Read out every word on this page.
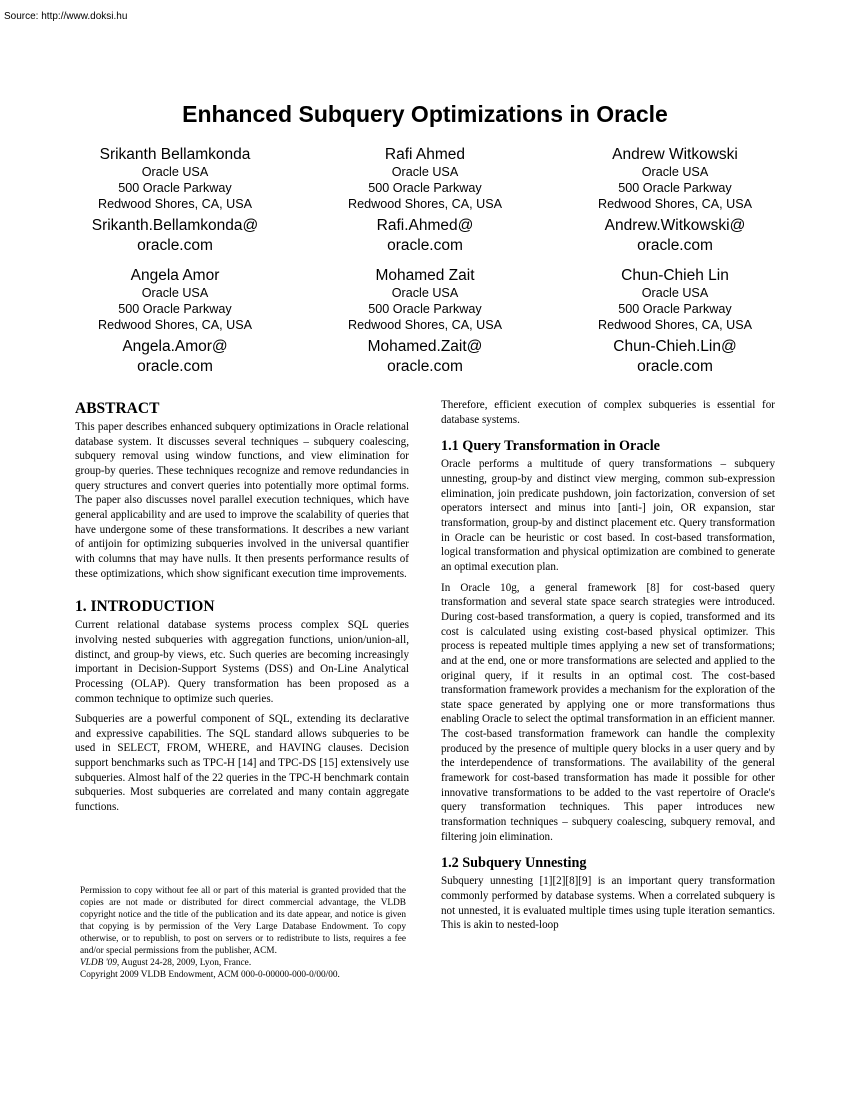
Source: http://www.doksi.hu
Enhanced Subquery Optimizations in Oracle
Srikanth Bellamkonda
Oracle USA
500 Oracle Parkway
Redwood Shores, CA, USA
Srikanth.Bellamkonda@
oracle.com
Rafi Ahmed
Oracle USA
500 Oracle Parkway
Redwood Shores, CA, USA
Rafi.Ahmed@
oracle.com
Andrew Witkowski
Oracle USA
500 Oracle Parkway
Redwood Shores, CA, USA
Andrew.Witkowski@
oracle.com
Angela Amor
Oracle USA
500 Oracle Parkway
Redwood Shores, CA, USA
Angela.Amor@
oracle.com
Mohamed Zait
Oracle USA
500 Oracle Parkway
Redwood Shores, CA, USA
Mohamed.Zait@
oracle.com
Chun-Chieh Lin
Oracle USA
500 Oracle Parkway
Redwood Shores, CA, USA
Chun-Chieh.Lin@
oracle.com
ABSTRACT

This paper describes enhanced subquery optimizations in Oracle relational database system. It discusses several techniques – subquery coalescing, subquery removal using window functions, and view elimination for group-by queries. These techniques recognize and remove redundancies in query structures and convert queries into potentially more optimal forms. The paper also discusses novel parallel execution techniques, which have general applicability and are used to improve the scalability of queries that have undergone some of these transformations. It describes a new variant of antijoin for optimizing subqueries involved in the universal quantifier with columns that may have nulls. It then presents performance results of these optimizations, which show significant execution time improvements.

1. INTRODUCTION

Current relational database systems process complex SQL queries involving nested subqueries with aggregation functions, union/union-all, distinct, and group-by views, etc. Such queries are becoming increasingly important in Decision-Support Systems (DSS) and On-Line Analytical Processing (OLAP). Query transformation has been proposed as a common technique to optimize such queries.

Subqueries are a powerful component of SQL, extending its declarative and expressive capabilities. The SQL standard allows subqueries to be used in SELECT, FROM, WHERE, and HAVING clauses. Decision support benchmarks such as TPC-H [14] and TPC-DS [15] extensively use subqueries. Almost half of the 22 queries in the TPC-H benchmark contain subqueries. Most subqueries are correlated and many contain aggregate functions.

Permission to copy without fee all or part of this material is granted provided that the copies are not made or distributed for direct commercial advantage, the VLDB copyright notice and the title of the publication and its date appear, and notice is given that copying is by permission of the Very Large Database Endowment. To copy otherwise, or to republish, to post on servers or to redistribute to lists, requires a fee and/or special permissions from the publisher, ACM.

VLDB '09, August 24-28, 2009, Lyon, France.

Copyright 2009 VLDB Endowment, ACM 000-0-00000-000-0/00/00.

Therefore, efficient execution of complex subqueries is essential for database systems.

1.1 Query Transformation in Oracle

Oracle performs a multitude of query transformations – subquery unnesting, group-by and distinct view merging, common sub-expression elimination, join predicate pushdown, join factorization, conversion of set operators intersect and minus into [anti-] join, OR expansion, star transformation, group-by and distinct placement etc. Query transformation in Oracle can be heuristic or cost based. In cost-based transformation, logical transformation and physical optimization are combined to generate an optimal execution plan.

In Oracle 10g, a general framework [8] for cost-based query transformation and several state space search strategies were introduced. During cost-based transformation, a query is copied, transformed and its cost is calculated using existing cost-based physical optimizer. This process is repeated multiple times applying a new set of transformations; and at the end, one or more transformations are selected and applied to the original query, if it results in an optimal cost. The cost-based transformation framework provides a mechanism for the exploration of the state space generated by applying one or more transformations thus enabling Oracle to select the optimal transformation in an efficient manner. The cost-based transformation framework can handle the complexity produced by the presence of multiple query blocks in a user query and by the interdependence of transformations. The availability of the general framework for cost-based transformation has made it possible for other innovative transformations to be added to the vast repertoire of Oracle's query transformation techniques. This paper introduces new transformation techniques – subquery coalescing, subquery removal, and filtering join elimination.

1.2 Subquery Unnesting

Subquery unnesting [1][2][8][9] is an important query transformation commonly performed by database systems. When a correlated subquery is not unnested, it is evaluated multiple times using tuple iteration semantics. This is akin to nested-loop
